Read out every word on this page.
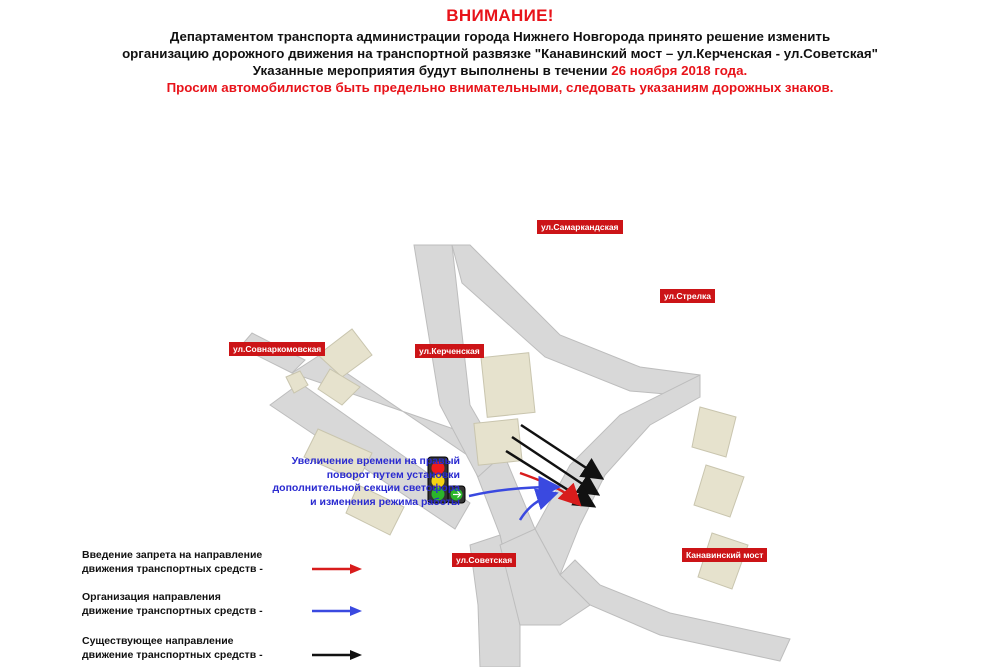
ВНИМАНИЕ!
Департаментом транспорта администрации города Нижнего Новгорода принято решение изменить
организацию дорожного движения на транспортной развязке "Канавинский мост – ул.Керченская - ул.Советская"
Указанные мероприятия будут выполнены в течении 26 ноября 2018 года.
Просим автомобилистов быть предельно внимательными, следовать указаниям дорожных знаков.
ул.Самаркандская
ул.Стрелка
ул.Совнаркомовская	ул.Керченская
ул.Советская	Канавинский мост
Увеличение времени на правый
поворот путем установки
дополнительной секции светофора
и изменения режима работы
Введение запрета на направление
движения транспортных средств -
Организация направления
движение транспортных средств -
Существующее направление
движение транспортных средств -
